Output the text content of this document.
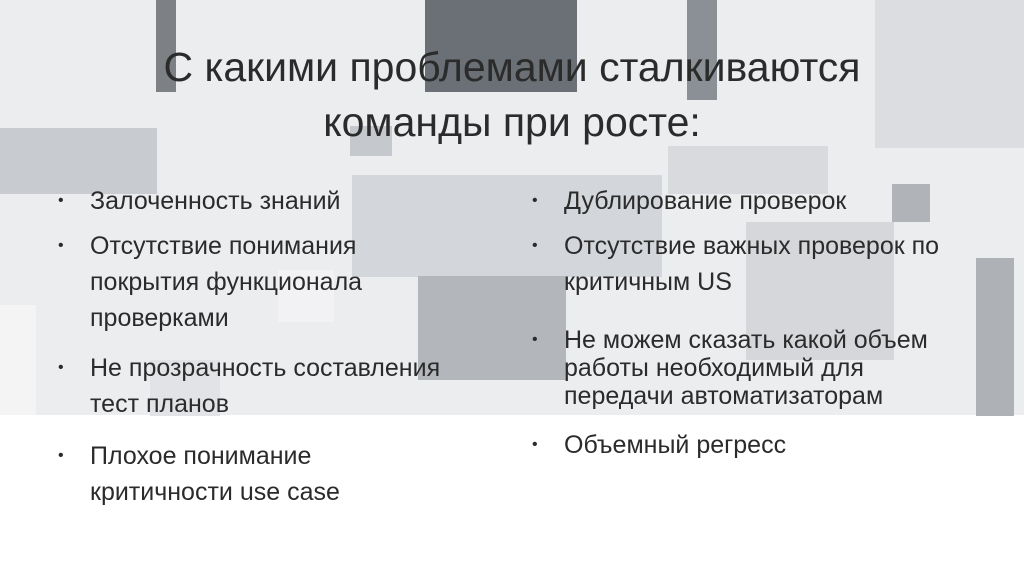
С какими проблемами сталкиваются
команды при росте:
• Залоченность знаний
• Отсутствие понимания покрытия функционала проверками
• Не прозрачность составления тест планов
• Плохое понимание критичности use case
• Дублирование проверок
• Отсутствие важных проверок по критичным US
• Не можем сказать какой объем работы необходимый для передачи автоматизаторам
• Объемный регресс
